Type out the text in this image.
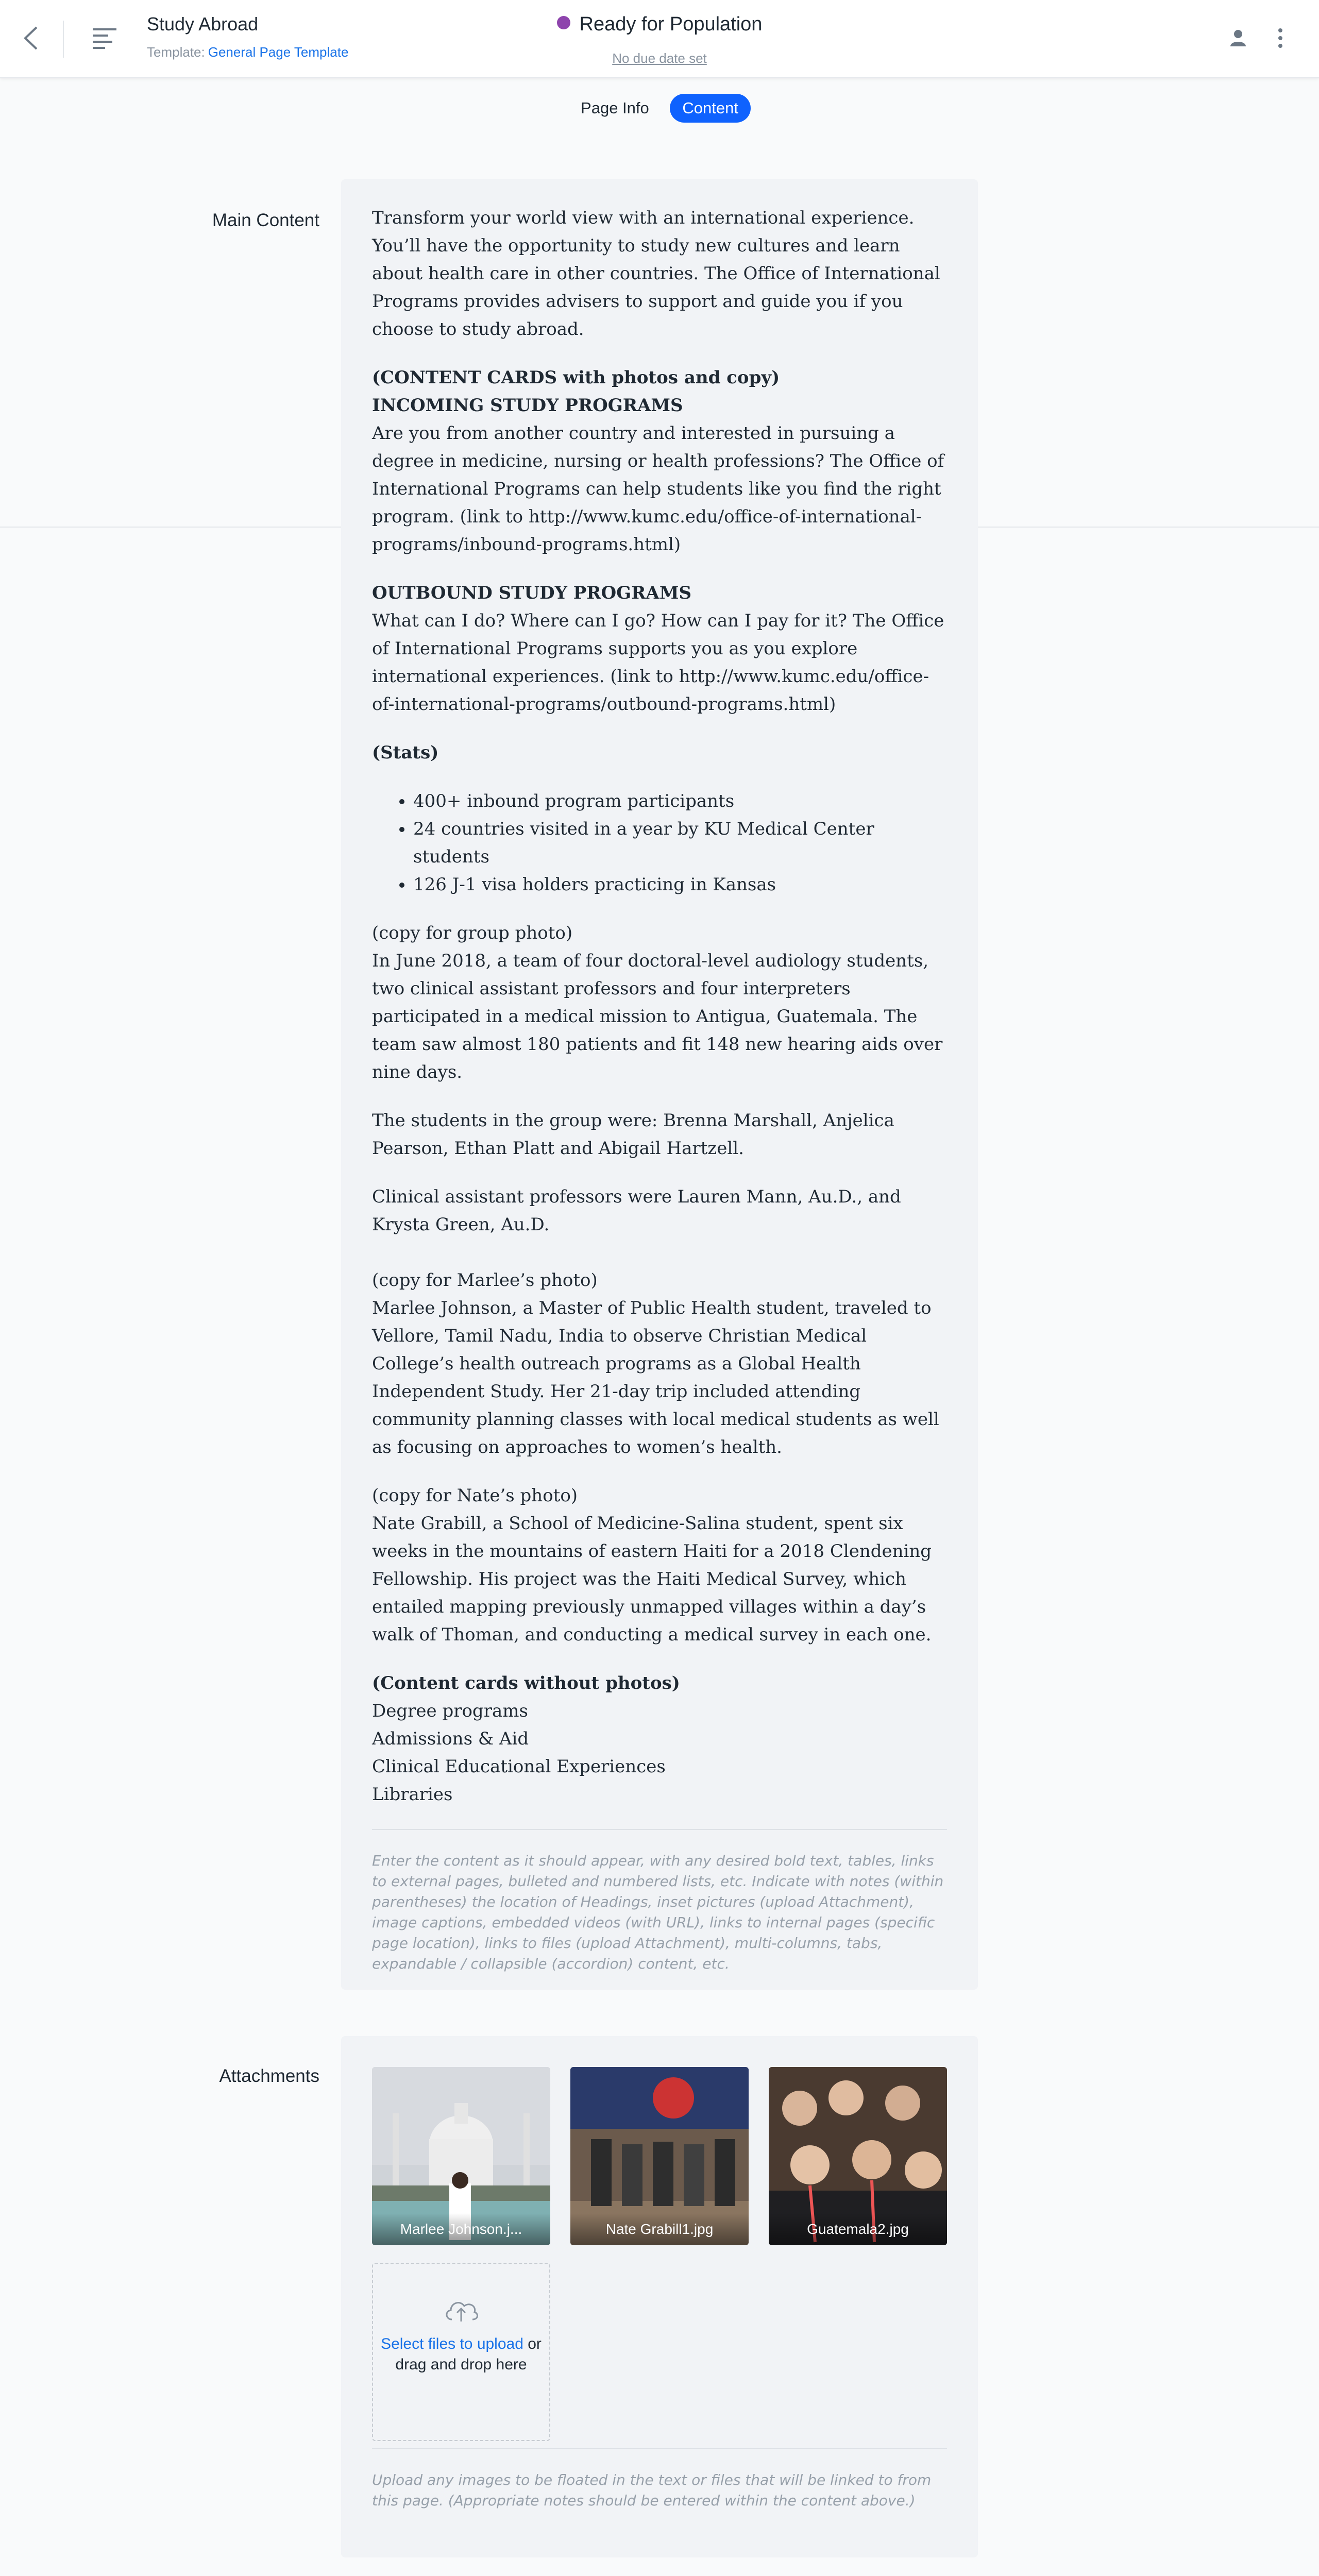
Study Abroad
Template: General Page Template
Ready for Population
No due date set
Page Info Content
Main Content	Transform your world view with an international experience. You’ll have the opportunity to study new cultures and learn about health care in other countries. The Office of International Programs provides advisers to support and guide you if you choose to study abroad.

(CONTENT CARDS with photos and copy)
INCOMING STUDY PROGRAMS
Are you from another country and interested in pursuing a degree in medicine, nursing or health professions? The Office of International Programs can help students like you find the right program. (link to http://www.kumc.edu/office-of-international-programs/inbound-programs.html)

OUTBOUND STUDY PROGRAMS
What can I do? Where can I go? How can I pay for it? The Office of International Programs supports you as you explore international experiences. (link to http://www.kumc.edu/office-of-international-programs/outbound-programs.html)

(Stats)

• 400+ inbound program participants
• 24 countries visited in a year by KU Medical Center students
• 126 J-1 visa holders practicing in Kansas

(copy for group photo)
In June 2018, a team of four doctoral-level audiology students, two clinical assistant professors and four interpreters participated in a medical mission to Antigua, Guatemala. The team saw almost 180 patients and fit 148 new hearing aids over nine days.

The students in the group were: Brenna Marshall, Anjelica Pearson, Ethan Platt and Abigail Hartzell.

Clinical assistant professors were Lauren Mann, Au.D., and Krysta Green, Au.D.

(copy for Marlee’s photo)
Marlee Johnson, a Master of Public Health student, traveled to Vellore, Tamil Nadu, India to observe Christian Medical College’s health outreach programs as a Global Health Independent Study. Her 21-day trip included attending community planning classes with local medical students as well as focusing on approaches to women’s health.

(copy for Nate’s photo)
Nate Grabill, a School of Medicine-Salina student, spent six weeks in the mountains of eastern Haiti for a 2018 Clendening Fellowship. His project was the Haiti Medical Survey, which entailed mapping previously unmapped villages within a day’s walk of Thoman, and conducting a medical survey in each one.

(Content cards without photos)
Degree programs
Admissions & Aid
Clinical Educational Experiences
Libraries

Enter the content as it should appear, with any desired bold text, tables, links to external pages, bulleted and numbered lists, etc. Indicate with notes (within parentheses) the location of Headings, inset pictures (upload Attachment), image captions, embedded videos (with URL), links to internal pages (specific page location), links to files (upload Attachment), multi-columns, tabs, expandable / collapsible (accordion) content, etc.
Attachments
Marlee Johnson.j...	Nate Grabill1.jpg	Guatemala2.jpg
Select files to upload or drag and drop here
Upload any images to be floated in the text or files that will be linked to from this page. (Appropriate notes should be entered within the content above.)
